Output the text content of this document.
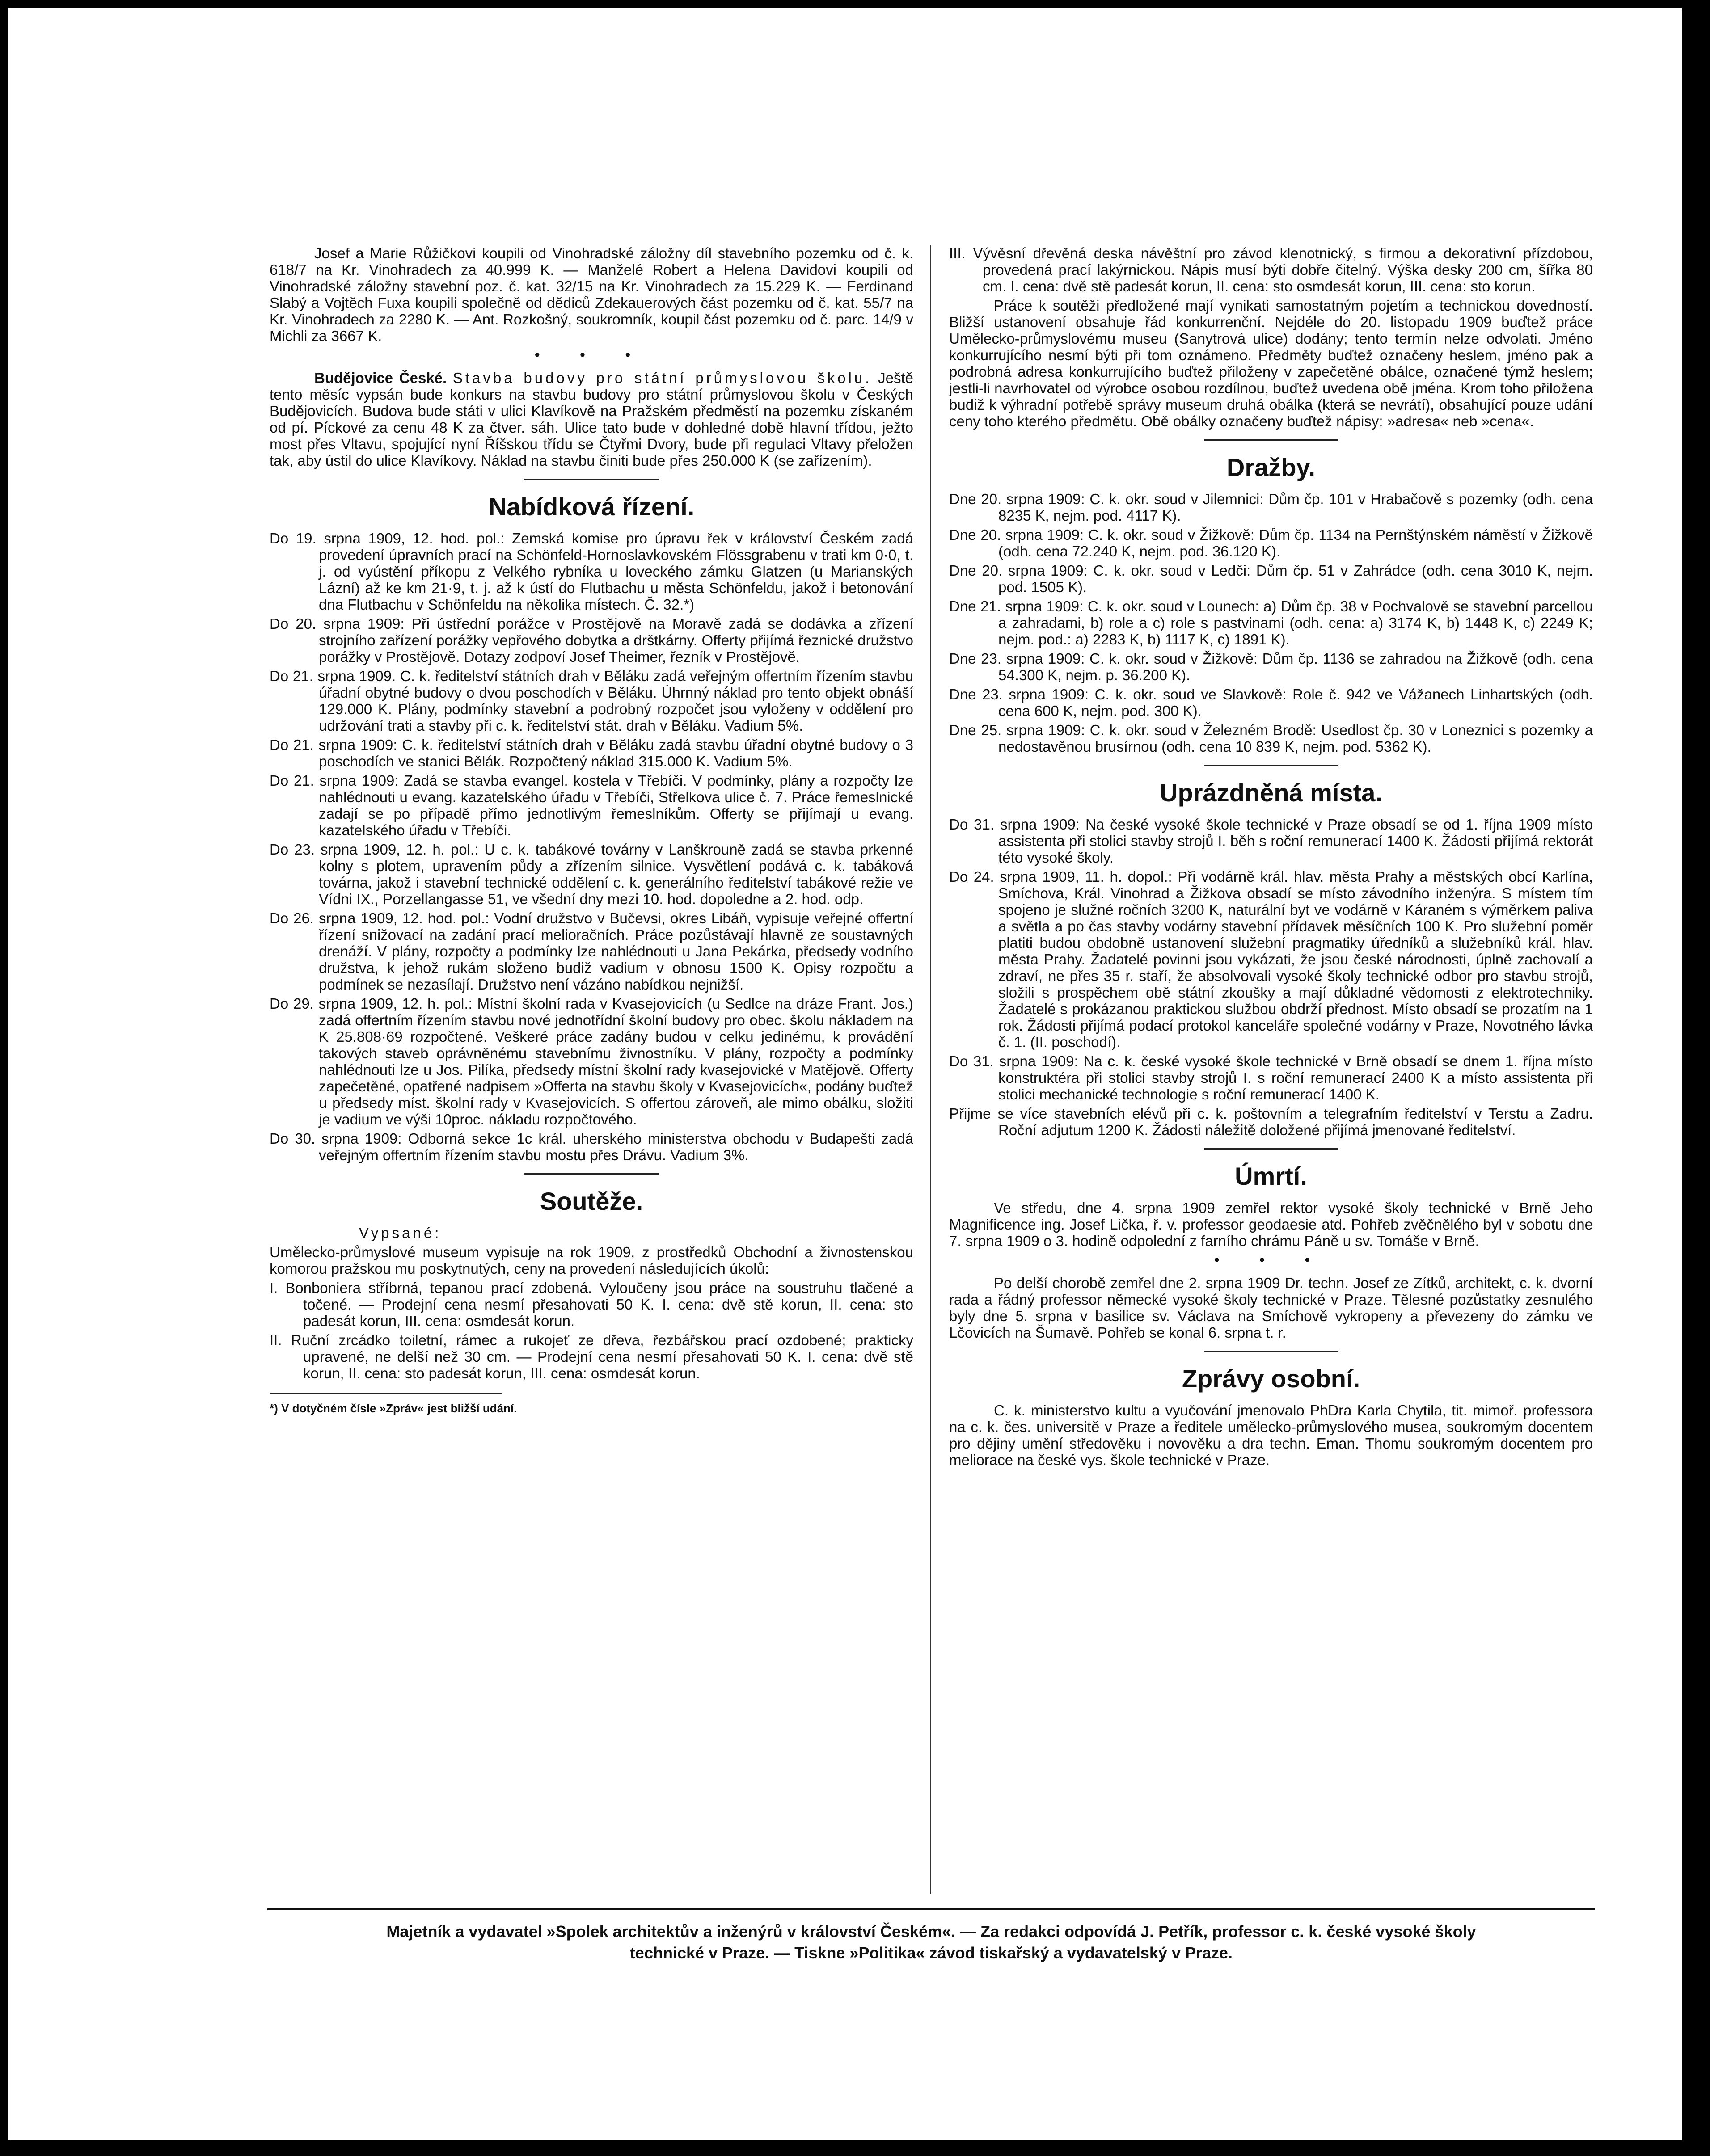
Josef a Marie Růžičkovi koupili od Vinohradské záložny díl stavebního pozemku od č. k. 618/7 na Kr. Vinohradech za 40.999 K. — Manželé Robert a Helena Davidovi koupili od Vinohradské záložny stavební poz. č. kat. 32/15 na Kr. Vinohradech za 15.229 K. — Ferdinand Slabý a Vojtěch Fuxa koupili společně od dědiců Zdekauerových část pozemku od č. kat. 55/7 na Kr. Vinohradech za 2280 K. — Ant. Rozkošný, soukromník, koupil část pozemku od č. parc. 14/9 v Michli za 3667 K.

• • •

Budějovice České. Stavba budovy pro státní průmyslovou školu. Ještě tento měsíc vypsán bude konkurs na stavbu budovy pro státní průmyslovou školu v Českých Budějovicích. Budova bude státi v ulici Klavíkově na Pražském předměstí na pozemku získaném od pí. Píckové za cenu 48 K za čtver. sáh. Ulice tato bude v dohledné době hlavní třídou, ježto most přes Vltavu, spojující nyní Říšskou třídu se Čtyřmi Dvory, bude při regulaci Vltavy přeložen tak, aby ústil do ulice Klavíkovy. Náklad na stavbu činiti bude přes 250.000 K (se zařízením).

Nabídková řízení.

Do 19. srpna 1909, 12. hod. pol.: Zemská komise pro úpravu řek v království Českém zadá provedení úpravních prací na Schönfeld-Hornoslavkovském Flössgrabenu v trati km 0·0, t. j. od vyústění příkopu z Velkého rybníka u loveckého zámku Glatzen (u Marianských Lázní) až ke km 21·9, t. j. až k ústí do Flutbachu u města Schönfeldu, jakož i betonování dna Flutbachu v Schönfeldu na několika místech. Č. 32.*)

Do 20. srpna 1909: Při ústřední porážce v Prostějově na Moravě zadá se dodávka a zřízení strojního zařízení porážky vepřového dobytka a drštkárny. Offerty přijímá řeznické družstvo porážky v Prostějově. Dotazy zodpoví Josef Theimer, řezník v Prostějově.

Do 21. srpna 1909. C. k. ředitelství státních drah v Běláku zadá veřejným offertním řízením stavbu úřadní obytné budovy o dvou poschodích v Běláku. Úhrnný náklad pro tento objekt obnáší 129.000 K. Plány, podmínky stavební a podrobný rozpočet jsou vyloženy v oddělení pro udržování trati a stavby při c. k. ředitelství stát. drah v Běláku. Vadium 5%.

Do 21. srpna 1909: C. k. ředitelství státních drah v Běláku zadá stavbu úřadní obytné budovy o 3 poschodích ve stanici Bělák. Rozpočtený náklad 315.000 K. Vadium 5%.

Do 21. srpna 1909: Zadá se stavba evangel. kostela v Třebíči. V podmínky, plány a rozpočty lze nahlédnouti u evang. kazatelského úřadu v Třebíči, Střelkova ulice č. 7. Práce řemeslnické zadají se po případě přímo jednotlivým řemeslníkům. Offerty se přijímají u evang. kazatelského úřadu v Třebíči.

Do 23. srpna 1909, 12. h. pol.: U c. k. tabákové továrny v Lanškrouně zadá se stavba prkenné kolny s plotem, upravením půdy a zřízením silnice. Vysvětlení podává c. k. tabáková továrna, jakož i stavební technické oddělení c. k. generálního ředitelství tabákové režie ve Vídni IX., Porzellangasse 51, ve všední dny mezi 10. hod. dopoledne a 2. hod. odp.

Do 26. srpna 1909, 12. hod. pol.: Vodní družstvo v Bučevsi, okres Libáň, vypisuje veřejné offertní řízení snižovací na zadání prací melioračních. Práce pozůstávají hlavně ze soustavných drenáží. V plány, rozpočty a podmínky lze nahlédnouti u Jana Pekárka, předsedy vodního družstva, k jehož rukám složeno budiž vadium v obnosu 1500 K. Opisy rozpočtu a podmínek se nezasílají. Družstvo není vázáno nabídkou nejnižší.

Do 29. srpna 1909, 12. h. pol.: Místní školní rada v Kvasejovicích (u Sedlce na dráze Frant. Jos.) zadá offertním řízením stavbu nové jednotřídní školní budovy pro obec. školu nákladem na K 25.808·69 rozpočtené. Veškeré práce zadány budou v celku jedinému, k provádění takových staveb oprávněnému stavebnímu živnostníku. V plány, rozpočty a podmínky nahlédnouti lze u Jos. Pilíka, předsedy místní školní rady kvasejovické v Matějově. Offerty zapečetěné, opatřené nadpisem »Offerta na stavbu školy v Kvasejovicích«, podány buďtež u předsedy míst. školní rady v Kvasejovicích. S offertou zároveň, ale mimo obálku, složiti je vadium ve výši 10proc. nákladu rozpočtového.

Do 30. srpna 1909: Odborná sekce 1c král. uherského ministerstva obchodu v Budapešti zadá veřejným offertním řízením stavbu mostu přes Drávu. Vadium 3%.

Soutěže.

Vypsané:

Umělecko-průmyslové museum vypisuje na rok 1909, z prostředků Obchodní a živnostenskou komorou pražskou mu poskytnutých, ceny na provedení následujících úkolů:

I. Bonboniera stříbrná, tepanou prací zdobená. Vyloučeny jsou práce na soustruhu tlačené a točené. — Prodejní cena nesmí přesahovati 50 K. I. cena: dvě stě korun, II. cena: sto padesát korun, III. cena: osmdesát korun.

II. Ruční zrcádko toiletní, rámec a rukojeť ze dřeva, řezbářskou prací ozdobené; prakticky upravené, ne delší než 30 cm. — Prodejní cena nesmí přesahovati 50 K. I. cena: dvě stě korun, II. cena: sto padesát korun, III. cena: osmdesát korun.

*) V dotyčném čísle »Zpráv« jest bližší udání.

III. Vývěsní dřevěná deska návěštní pro závod klenotnický, s firmou a dekorativní přízdobou, provedená prací lakýrnickou. Nápis musí býti dobře čitelný. Výška desky 200 cm, šířka 80 cm. I. cena: dvě stě padesát korun, II. cena: sto osmdesát korun, III. cena: sto korun.

Práce k soutěži předložené mají vynikati samostatným pojetím a technickou dovedností. Bližší ustanovení obsahuje řád konkurrenční. Nejdéle do 20. listopadu 1909 buďtež práce Umělecko-průmyslovému museu (Sanytrová ulice) dodány; tento termín nelze odvolati. Jméno konkurrujícího nesmí býti při tom oznámeno. Předměty buďtež označeny heslem, jméno pak a podrobná adresa konkurrujícího buďtež přiloženy v zapečetěné obálce, označené týmž heslem; jestli-li navrhovatel od výrobce osobou rozdílnou, buďtež uvedena obě jména. Krom toho přiložena budiž k výhradní potřebě správy museum druhá obálka (která se nevrátí), obsahující pouze udání ceny toho kterého předmětu. Obě obálky označeny buďtež nápisy: »adresa« neb »cena«.

Dražby.

Dne 20. srpna 1909: C. k. okr. soud v Jilemnici: Dům čp. 101 v Hrabačově s pozemky (odh. cena 8235 K, nejm. pod. 4117 K).

Dne 20. srpna 1909: C. k. okr. soud v Žižkově: Dům čp. 1134 na Pernštýnském náměstí v Žižkově (odh. cena 72.240 K, nejm. pod. 36.120 K).

Dne 20. srpna 1909: C. k. okr. soud v Ledči: Dům čp. 51 v Zahrádce (odh. cena 3010 K, nejm. pod. 1505 K).

Dne 21. srpna 1909: C. k. okr. soud v Lounech: a) Dům čp. 38 v Pochvalově se stavební parcellou a zahradami, b) role a c) role s pastvinami (odh. cena: a) 3174 K, b) 1448 K, c) 2249 K; nejm. pod.: a) 2283 K, b) 1117 K, c) 1891 K).

Dne 23. srpna 1909: C. k. okr. soud v Žižkově: Dům čp. 1136 se zahradou na Žižkově (odh. cena 54.300 K, nejm. p. 36.200 K).

Dne 23. srpna 1909: C. k. okr. soud ve Slavkově: Role č. 942 ve Vážanech Linhartských (odh. cena 600 K, nejm. pod. 300 K).

Dne 25. srpna 1909: C. k. okr. soud v Železném Brodě: Usedlost čp. 30 v Loneznici s pozemky a nedostavěnou brusírnou (odh. cena 10 839 K, nejm. pod. 5362 K).

Uprázdněná místa.

Do 31. srpna 1909: Na české vysoké škole technické v Praze obsadí se od 1. října 1909 místo assistenta při stolici stavby strojů I. běh s roční remunerací 1400 K. Žádosti přijímá rektorát této vysoké školy.

Do 24. srpna 1909, 11. h. dopol.: Při vodárně král. hlav. města Prahy a městských obcí Karlína, Smíchova, Král. Vinohrad a Žižkova obsadí se místo závodního inženýra. S místem tím spojeno je služné ročních 3200 K, naturální byt ve vodárně v Káraném s výměrkem paliva a světla a po čas stavby vodárny stavební přídavek měsíčních 100 K. Pro služební poměr platiti budou obdobně ustanovení služební pragmatiky úředníků a služebníků král. hlav. města Prahy. Žadatelé povinni jsou vykázati, že jsou české národnosti, úplně zachovalí a zdraví, ne přes 35 r. staří, že absolvovali vysoké školy technické odbor pro stavbu strojů, složili s prospěchem obě státní zkoušky a mají důkladné vědomosti z elektrotechniky. Žadatelé s prokázanou praktickou službou obdrží přednost. Místo obsadí se prozatím na 1 rok. Žádosti přijímá podací protokol kanceláře společné vodárny v Praze, Novotného lávka č. 1. (II. poschodí).

Do 31. srpna 1909: Na c. k. české vysoké škole technické v Brně obsadí se dnem 1. října místo konstruktéra při stolici stavby strojů I. s roční remunerací 2400 K a místo assistenta při stolici mechanické technologie s roční remunerací 1400 K.

Přijme se více stavebních elévů při c. k. poštovním a telegrafním ředitelství v Terstu a Zadru. Roční adjutum 1200 K. Žádosti náležitě doložené přijímá jmenované ředitelství.

Úmrtí.

Ve středu, dne 4. srpna 1909 zemřel rektor vysoké školy technické v Brně Jeho Magnificence ing. Josef Lička, ř. v. professor geodaesie atd. Pohřeb zvěčnělého byl v sobotu dne 7. srpna 1909 o 3. hodině odpolední z farního chrámu Páně u sv. Tomáše v Brně.

• • •

Po delší chorobě zemřel dne 2. srpna 1909 Dr. techn. Josef ze Zítků, architekt, c. k. dvorní rada a řádný professor německé vysoké školy technické v Praze. Tělesné pozůstatky zesnulého byly dne 5. srpna v basilice sv. Václava na Smíchově vykropeny a převezeny do zámku ve Lčovicích na Šumavě. Pohřeb se konal 6. srpna t. r.

Zprávy osobní.

C. k. ministerstvo kultu a vyučování jmenovalo PhDra Karla Chytila, tit. mimoř. professora na c. k. čes. universitě v Praze a ředitele umělecko-průmyslového musea, soukromým docentem pro dějiny umění středověku i novověku a dra techn. Eman. Thomu soukromým docentem pro meliorace na české vys. škole technické v Praze.

Majetník a vydavatel »Spolek architektův a inženýrů v království Českém«. — Za redakci odpovídá J. Petřík, professor c. k. české vysoké školy
technické v Praze. — Tiskne »Politika« závod tiskařský a vydavatelský v Praze.
